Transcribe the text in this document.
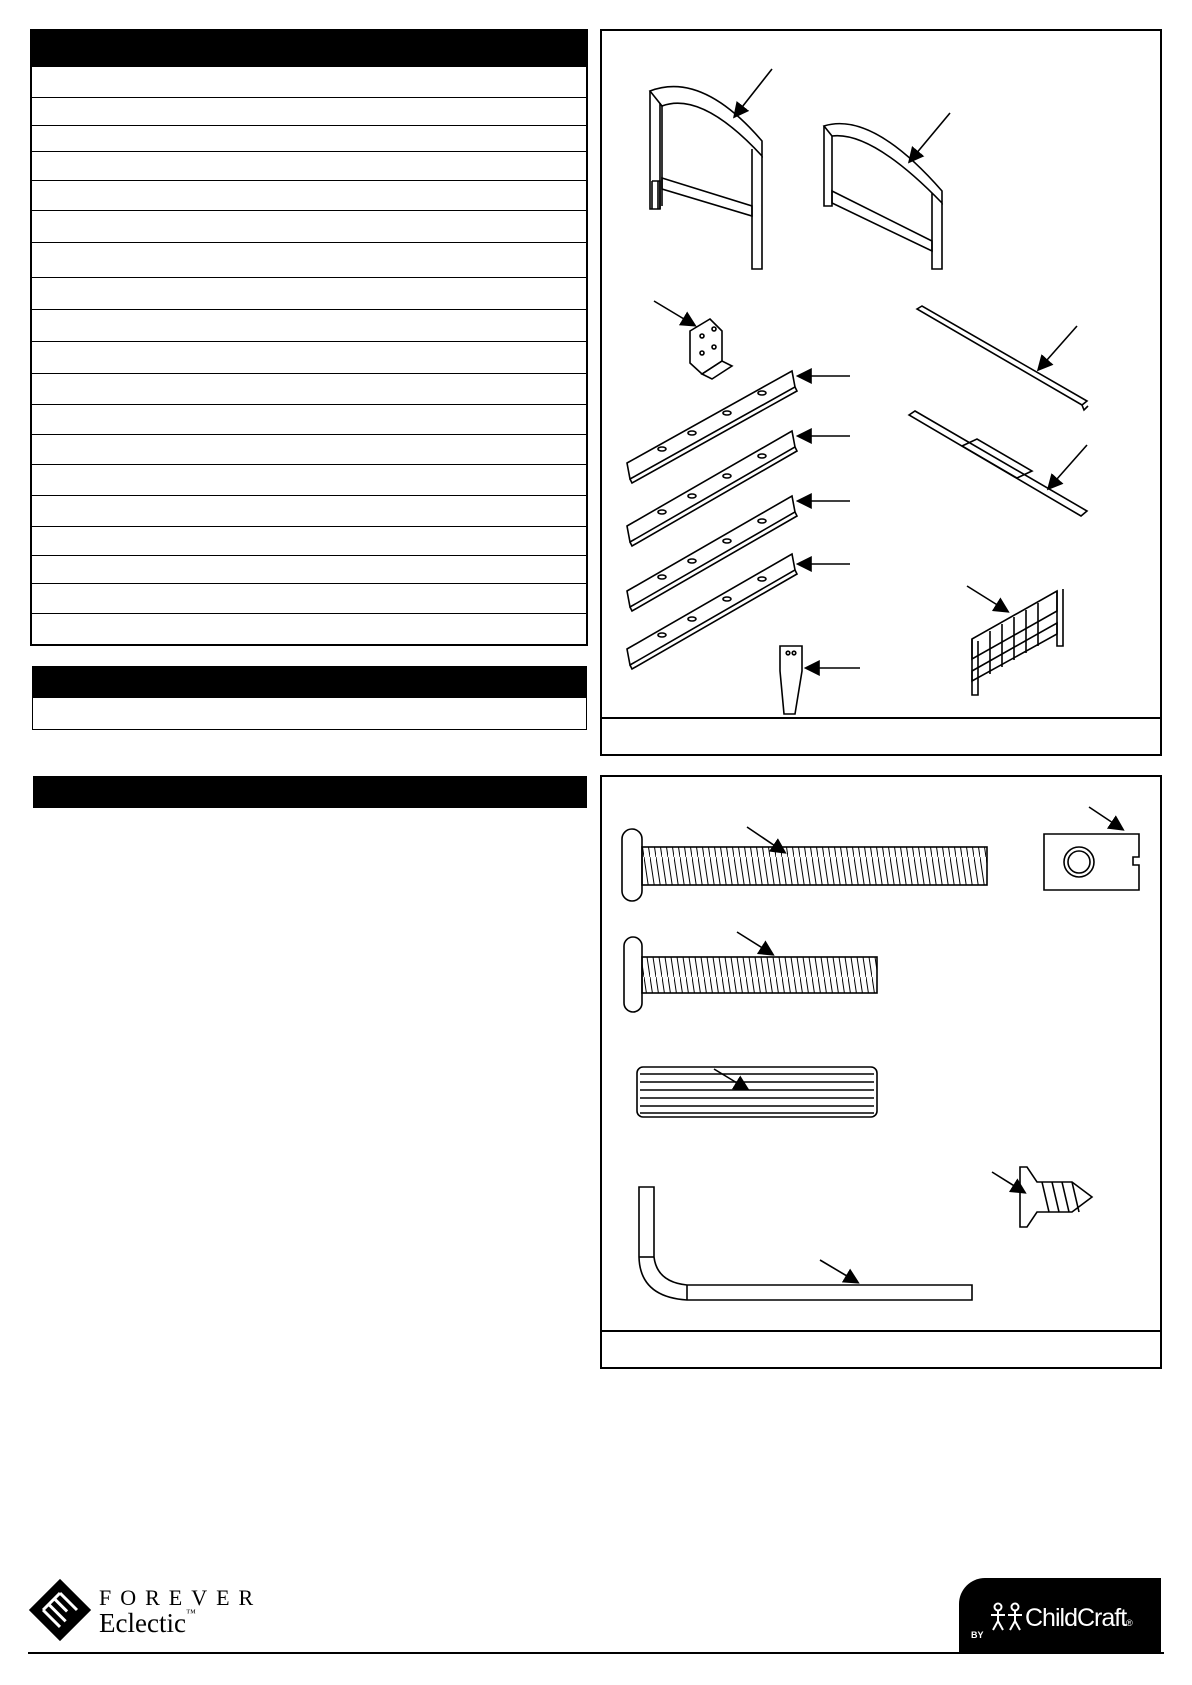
FOREVER
Eclectic™
BY
ChildCraft®
